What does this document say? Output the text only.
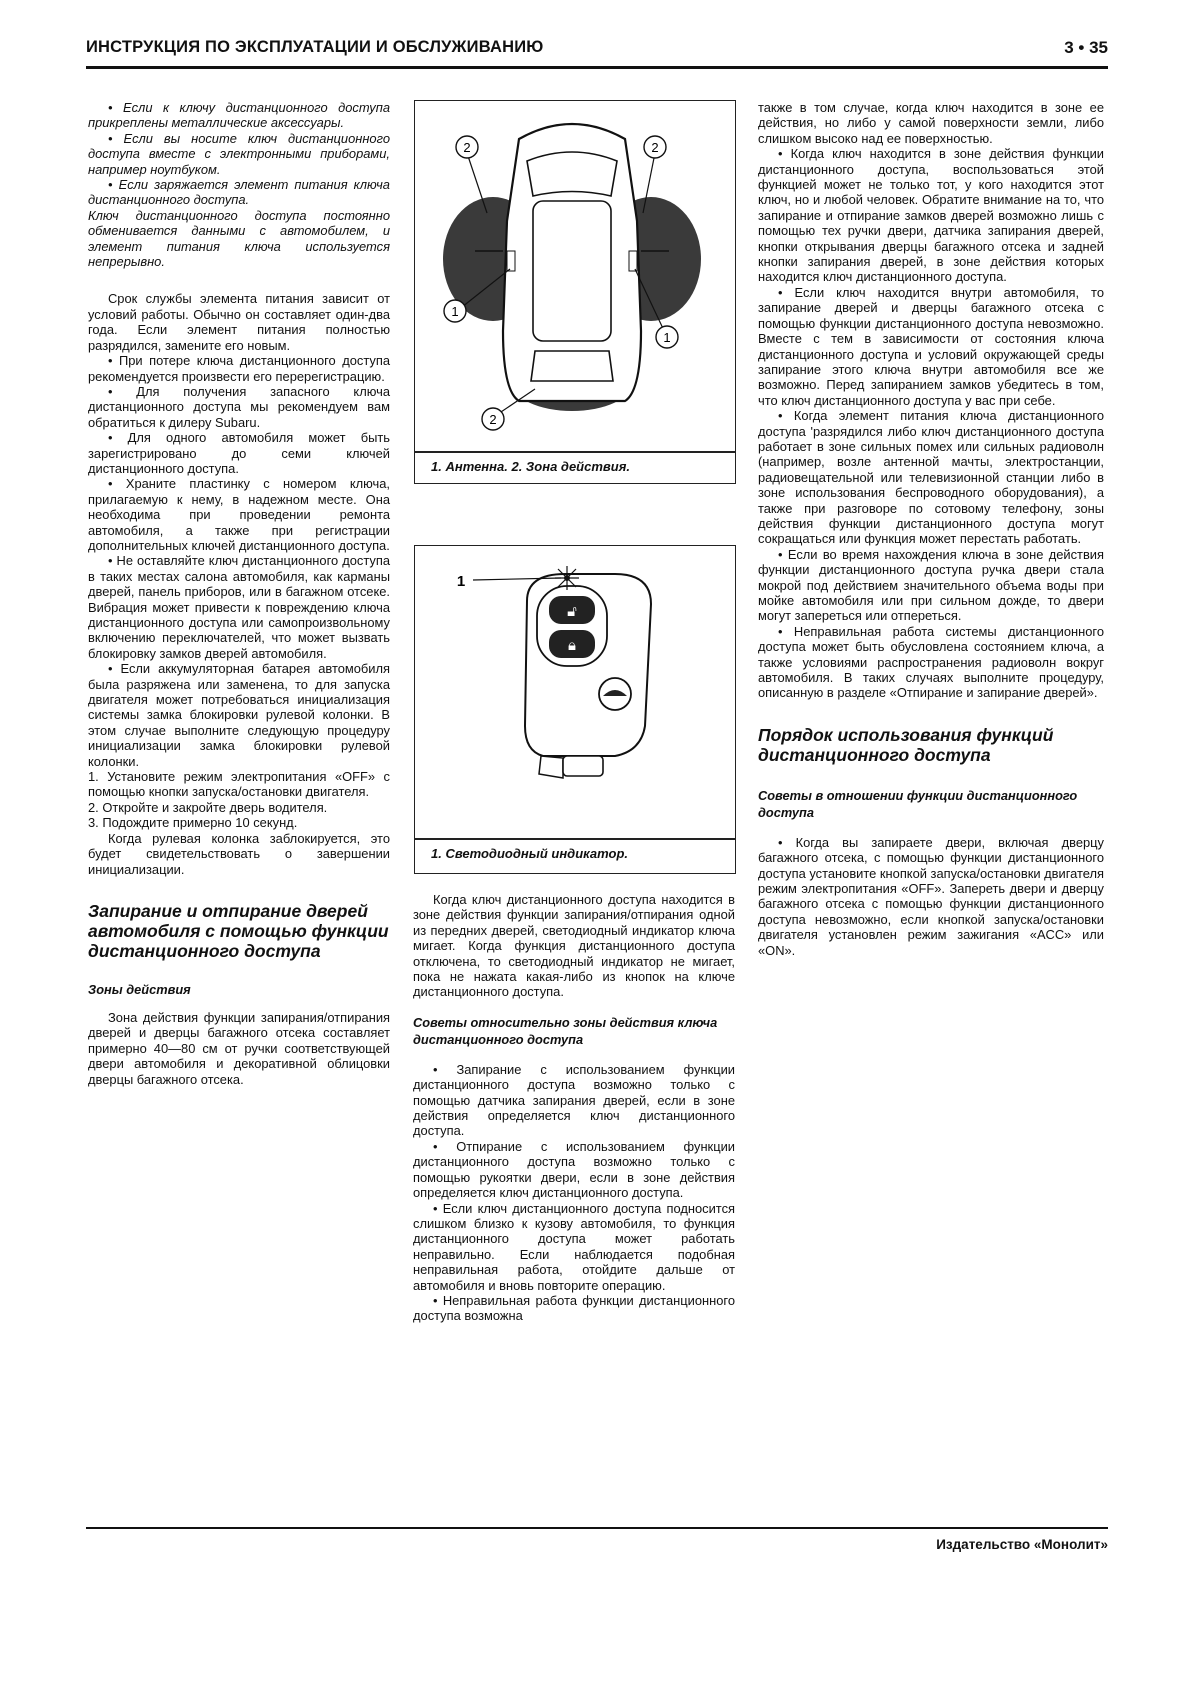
ИНСТРУКЦИЯ ПО ЭКСПЛУАТАЦИИ И ОБСЛУЖИВАНИЮ	3 • 35

• Если к ключу дистанционного доступа прикреплены металлические аксессуары.

• Если вы носите ключ дистанционного доступа вместе с электронными приборами, например ноутбуком.

• Если заряжается элемент питания ключа дистанционного доступа.

Ключ дистанционного доступа постоянно обменивается данными с автомобилем, и элемент питания ключа используется непрерывно.

Срок службы элемента питания зависит от условий работы. Обычно он составляет один-два года. Если элемент питания полностью разрядился, замените его новым.

• При потере ключа дистанционного доступа рекомендуется произвести его перерегистрацию.

• Для получения запасного ключа дистанционного доступа мы рекомендуем вам обратиться к дилеру Subaru.

• Для одного автомобиля может быть зарегистрировано до семи ключей дистанционного доступа.

• Храните пластинку с номером ключа, прилагаемую к нему, в надежном месте. Она необходима при проведении ремонта автомобиля, а также при регистрации дополнительных ключей дистанционного доступа.

• Не оставляйте ключ дистанционного доступа в таких местах салона автомобиля, как карманы дверей, панель приборов, или в багажном отсеке. Вибрация может привести к повреждению ключа дистанционного доступа или самопроизвольному включению переключателей, что может вызвать блокировку замков дверей автомобиля.

• Если аккумуляторная батарея автомобиля была разряжена или заменена, то для запуска двигателя может потребоваться инициализация системы замка блокировки рулевой колонки. В этом случае выполните следующую процедуру инициализации замка блокировки рулевой колонки.

1. Установите режим электропитания «OFF» с помощью кнопки запуска/остановки двигателя.

2. Откройте и закройте дверь водителя.

3. Подождите примерно 10 секунд.

Когда рулевая колонка заблокируется, это будет свидетельствовать о завершении инициализации.

Запирание и отпирание дверей автомобиля с помощью функции дистанционного доступа

Зоны действия

Зона действия функции запирания/отпирания дверей и дверцы багажного отсека составляет примерно 40—80 см от ручки соответствующей двери автомобиля и декоративной облицовки дверцы багажного отсека.

2	2
1
1
2
1. Антенна. 2. Зона действия.
🔓︎
🔒︎
1
1. Светодиодный индикатор.

Когда ключ дистанционного доступа находится в зоне действия функции запирания/отпирания одной из передних дверей, светодиодный индикатор ключа мигает. Когда функция дистанционного доступа отключена, то светодиодный индикатор не мигает, пока не нажата какая-либо из кнопок на ключе дистанционного доступа.

Советы относительно зоны действия ключа дистанционного доступа

• Запирание с использованием функции дистанционного доступа возможно только с помощью датчика запирания дверей, если в зоне действия определяется ключ дистанционного доступа.

• Отпирание с использованием функции дистанционного доступа возможно только с помощью рукоятки двери, если в зоне действия определяется ключ дистанционного доступа.

• Если ключ дистанционного доступа подносится слишком близко к кузову автомобиля, то функция дистанционного доступа может работать неправильно. Если наблюдается подобная неправильная работа, отойдите дальше от автомобиля и вновь повторите операцию.

• Неправильная работа функции дистанционного доступа возможна

также в том случае, когда ключ находится в зоне ее действия, но либо у самой поверхности земли, либо слишком высоко над ее поверхностью.

• Когда ключ находится в зоне действия функции дистанционного доступа, воспользоваться этой функцией может не только тот, у кого находится этот ключ, но и любой человек. Обратите внимание на то, что запирание и отпирание замков дверей возможно лишь с помощью тех ручки двери, датчика запирания дверей, кнопки открывания дверцы багажного отсека и задней кнопки запирания дверей, в зоне действия которых находится ключ дистанционного доступа.

• Если ключ находится внутри автомобиля, то запирание дверей и дверцы багажного отсека с помощью функции дистанционного доступа невозможно. Вместе с тем в зависимости от состояния ключа дистанционного доступа и условий окружающей среды запирание этого ключа внутри автомобиля все же возможно. Перед запиранием замков убедитесь в том, что ключ дистанционного доступа у вас при себе.

• Когда элемент питания ключа дистанционного доступа 'разрядился либо ключ дистанционного доступа работает в зоне сильных помех или сильных радиоволн (например, возле антенной мачты, электростанции, радиовещательной или телевизионной станции либо в зоне использования беспроводного оборудования), а также при разговоре по сотовому телефону, зоны действия функции дистанционного доступа могут сокращаться или функция может перестать работать.

• Если во время нахождения ключа в зоне действия функции дистанционного доступа ручка двери стала мокрой под действием значительного объема воды при мойке автомобиля или при сильном дожде, то двери могут запереться или отпереться.

• Неправильная работа системы дистанционного доступа может быть обусловлена состоянием ключа, а также условиями распространения радиоволн вокруг автомобиля. В таких случаях выполните процедуру, описанную в разделе «Отпирание и запирание дверей».

Порядок использования функций дистанционного доступа

Советы в отношении функции дистанционного доступа

• Когда вы запираете двери, включая дверцу багажного отсека, с помощью функции дистанционного доступа установите кнопкой запуска/остановки двигателя режим электропитания «OFF». Запереть двери и дверцу багажного отсека с помощью функции дистанционного доступа невозможно, если кнопкой запуска/остановки двигателя установлен режим зажигания «ACC» или «ON».

Издательство «Монолит»
